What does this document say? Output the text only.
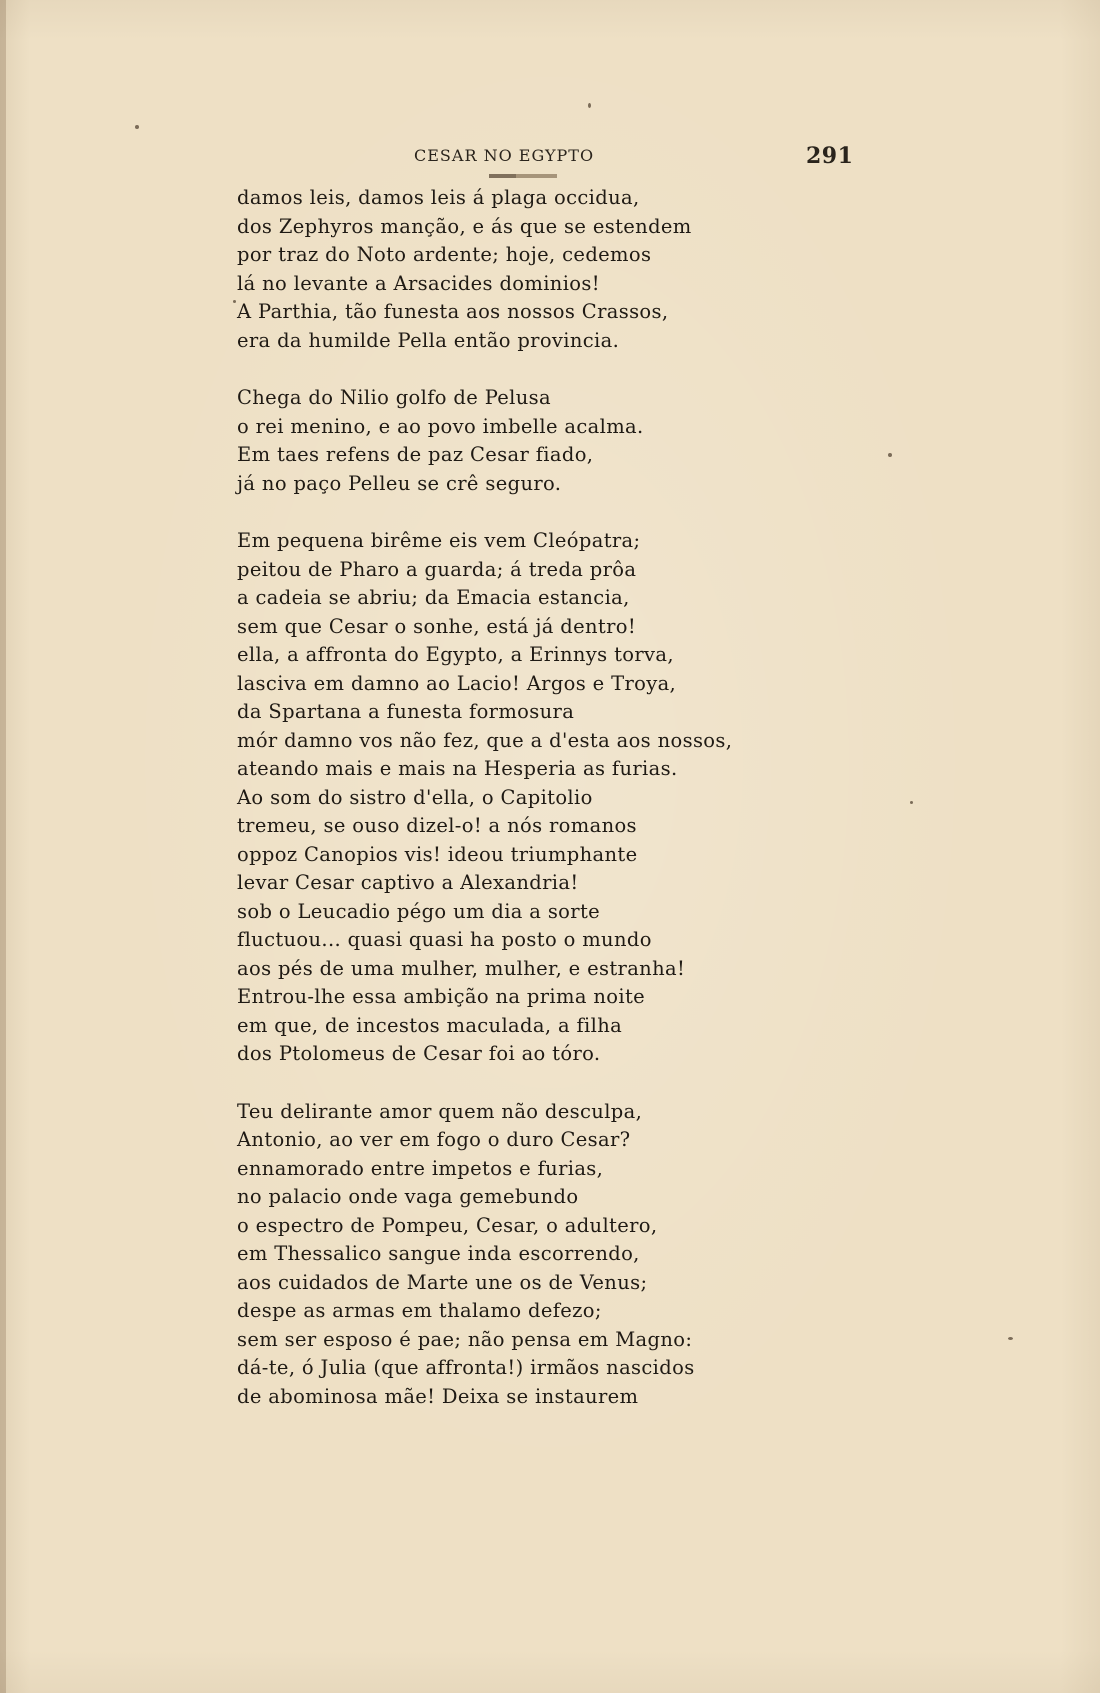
CESAR NO EGYPTO	291
damos leis, damos leis á plaga occidua,
dos Zephyros manção, e ás que se estendem
por traz do Noto ardente; hoje, cedemos
lá no levante a Arsacides dominios!
A Parthia, tão funesta aos nossos Crassos,
era da humilde Pella então provincia.
Chega do Nilio golfo de Pelusa
o rei menino, e ao povo imbelle acalma.
Em taes refens de paz Cesar fiado,
já no paço Pelleu se crê seguro.
Em pequena birême eis vem Cleópatra;
peitou de Pharo a guarda; á treda prôa
a cadeia se abriu; da Emacia estancia,
sem que Cesar o sonhe, está já dentro!
ella, a affronta do Egypto, a Erinnys torva,
lasciva em damno ao Lacio! Argos e Troya,
da Spartana a funesta formosura
mór damno vos não fez, que a d'esta aos nossos,
ateando mais e mais na Hesperia as furias.
Ao som do sistro d'ella, o Capitolio
tremeu, se ouso dizel-o! a nós romanos
oppoz Canopios vis! ideou triumphante
levar Cesar captivo a Alexandria!
sob o Leucadio pégo um dia a sorte
fluctuou... quasi quasi ha posto o mundo
aos pés de uma mulher, mulher, e estranha!
Entrou-lhe essa ambição na prima noite
em que, de incestos maculada, a filha
dos Ptolomeus de Cesar foi ao tóro.
Teu delirante amor quem não desculpa,
Antonio, ao ver em fogo o duro Cesar?
ennamorado entre impetos e furias,
no palacio onde vaga gemebundo
o espectro de Pompeu, Cesar, o adultero,
em Thessalico sangue inda escorrendo,
aos cuidados de Marte une os de Venus;
despe as armas em thalamo defezo;
sem ser esposo é pae; não pensa em Magno:
dá-te, ó Julia (que affronta!) irmãos nascidos
de abominosa mãe! Deixa se instaurem
